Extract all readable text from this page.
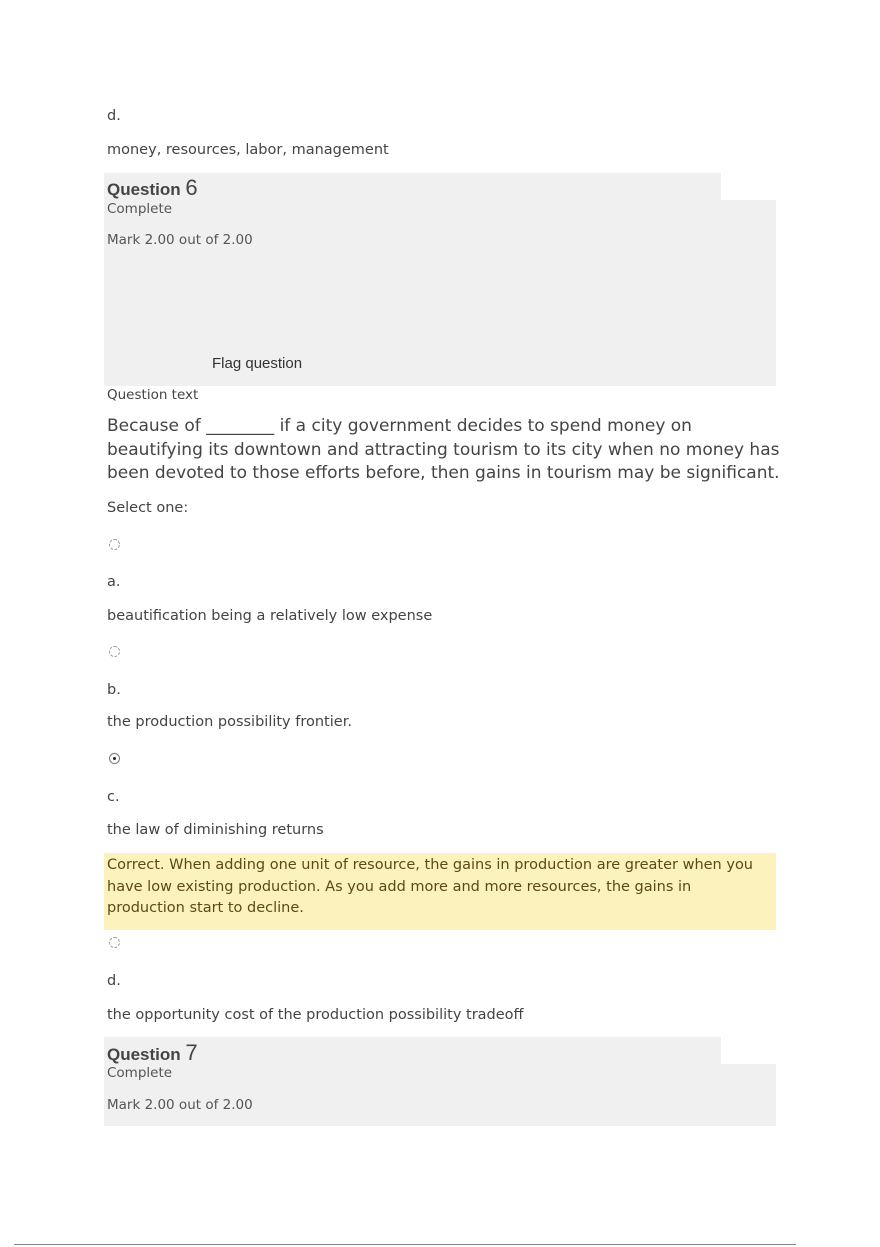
d.
money, resources, labor, management
Question 6
Complete
Mark 2.00 out of 2.00
Flag question
Question text
Because of ________ if a city government decides to spend money on beautifying its downtown and attracting tourism to its city when no money has been devoted to those efforts before, then gains in tourism may be significant.
Select one:
a.
beautification being a relatively low expense
b.
the production possibility frontier.
c.
the law of diminishing returns
Correct. When adding one unit of resource, the gains in production are greater when you have low existing production. As you add more and more resources, the gains in production start to decline.
d.
the opportunity cost of the production possibility tradeoff
Question 7
Complete
Mark 2.00 out of 2.00
